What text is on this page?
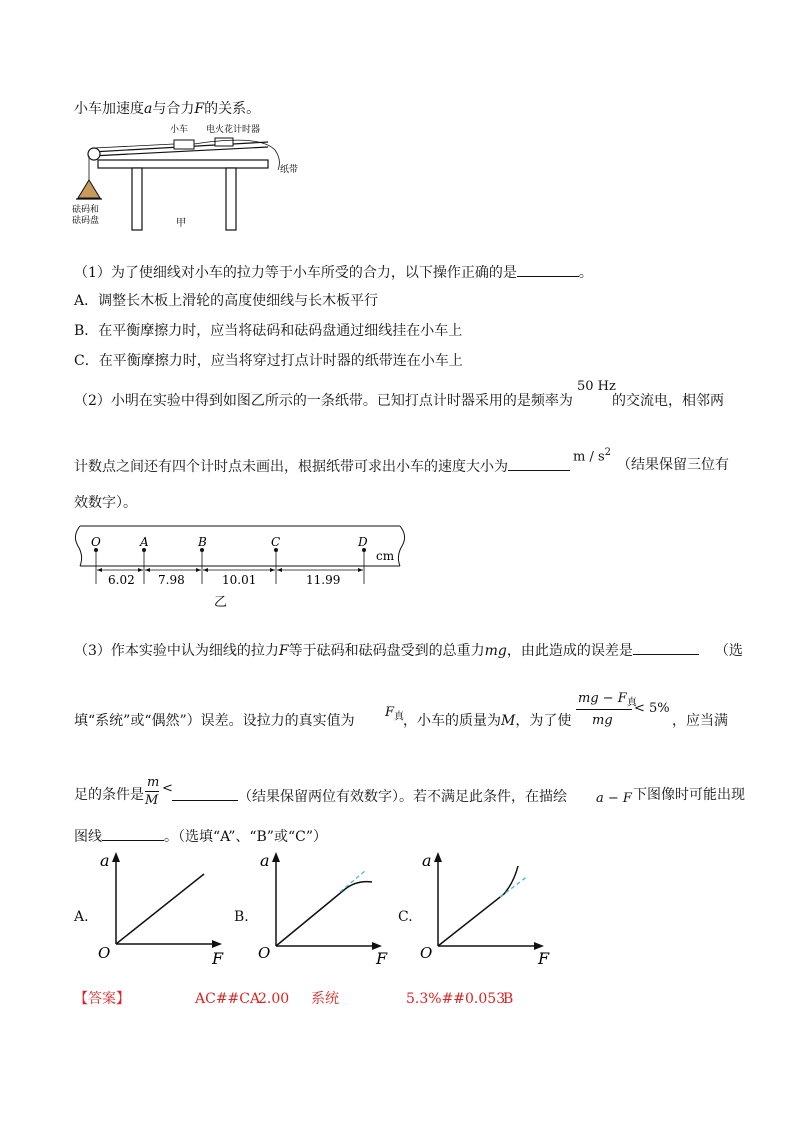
小车加速度a与合力F的关系。
小车 电火花计时器
纸带
砝码和
砝码盘	甲
（1）为了使细线对小车的拉力等于小车所受的合力，以下操作正确的是	。
A．调整长木板上滑轮的高度使细线与长木板平行
B．在平衡摩擦力时，应当将砝码和砝码盘通过细线挂在小车上
C．在平衡摩擦力时，应当将穿过打点计时器的纸带连在小车上
（2）小明在实验中得到如图乙所示的一条纸带。已知打点计时器采用的是频率为
50 Hz
的交流电，相邻两
计数点之间还有四个计时点未画出，根据纸带可求出小车的速度大小为
m / $s^2$
（结果保留三位有
效数字）。
O	A	B	C	D
cm
6.02 7.98	10.01	11.99
乙
（3）作本实验中认为细线的拉力F等于砝码和砝码盘受到的总重力mg，由此造成的误差是	（选
填“系统”或“偶然”）误差。设拉力的真实值为
$F_真$
，小车的质量为M，为了使
mg − $F_真$
mg
< 5%
，应当满
足的条件是
m
M
<
（结果保留两位有效数字）。若不满足此条件，在描绘 a − F 下图像时可能出现
图线	。（选填“A”、“B”或“C”）
A.
a
F
O
B.
a
F
O
C.
a
F
O
【答案】	AC##CA
2.00 系统	5.3%##0.053
B
